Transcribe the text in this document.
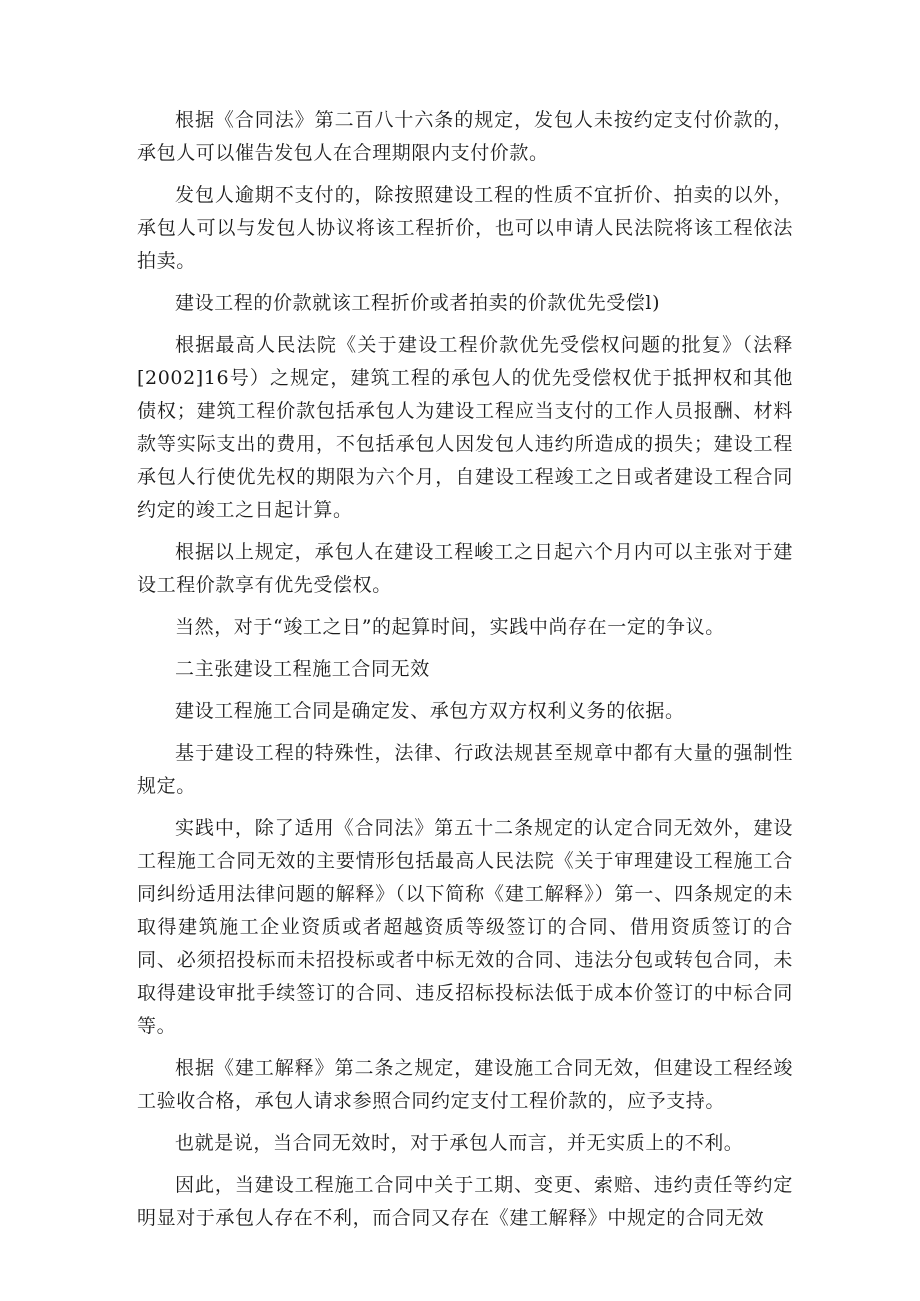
根据《合同法》第二百八十六条的规定，发包人未按约定支付价款的，承包人可以催告发包人在合理期限内支付价款。

发包人逾期不支付的，除按照建设工程的性质不宜折价、拍卖的以外，承包人可以与发包人协议将该工程折价，也可以申请人民法院将该工程依法拍卖。

建设工程的价款就该工程折价或者拍卖的价款优先受偿l)

根据最高人民法院《关于建设工程价款优先受偿权问题的批复》（法释[2002]16号）之规定，建筑工程的承包人的优先受偿权优于抵押权和其他债权；建筑工程价款包括承包人为建设工程应当支付的工作人员报酬、材料款等实际支出的费用，不包括承包人因发包人违约所造成的损失；建设工程承包人行使优先权的期限为六个月，自建设工程竣工之日或者建设工程合同约定的竣工之日起计算。

根据以上规定，承包人在建设工程峻工之日起六个月内可以主张对于建设工程价款享有优先受偿权。

当然，对于“竣工之日”的起算时间，实践中尚存在一定的争议。

二主张建设工程施工合同无效

建设工程施工合同是确定发、承包方双方权利义务的依据。

基于建设工程的特殊性，法律、行政法规甚至规章中都有大量的强制性规定。

实践中，除了适用《合同法》第五十二条规定的认定合同无效外，建设工程施工合同无效的主要情形包括最高人民法院《关于审理建设工程施工合同纠纷适用法律问题的解释》（以下简称《建工解释》）第一、四条规定的未取得建筑施工企业资质或者超越资质等级签订的合同、借用资质签订的合同、必须招投标而未招投标或者中标无效的合同、违法分包或转包合同，未取得建设审批手续签订的合同、违反招标投标法低于成本价签订的中标合同等。

根据《建工解释》第二条之规定，建设施工合同无效，但建设工程经竣工验收合格，承包人请求参照合同约定支付工程价款的，应予支持。

也就是说，当合同无效时，对于承包人而言，并无实质上的不利。

因此，当建设工程施工合同中关于工期、变更、索赔、违约责任等约定明显对于承包人存在不利，而合同又存在《建工解释》中规定的合同无效
